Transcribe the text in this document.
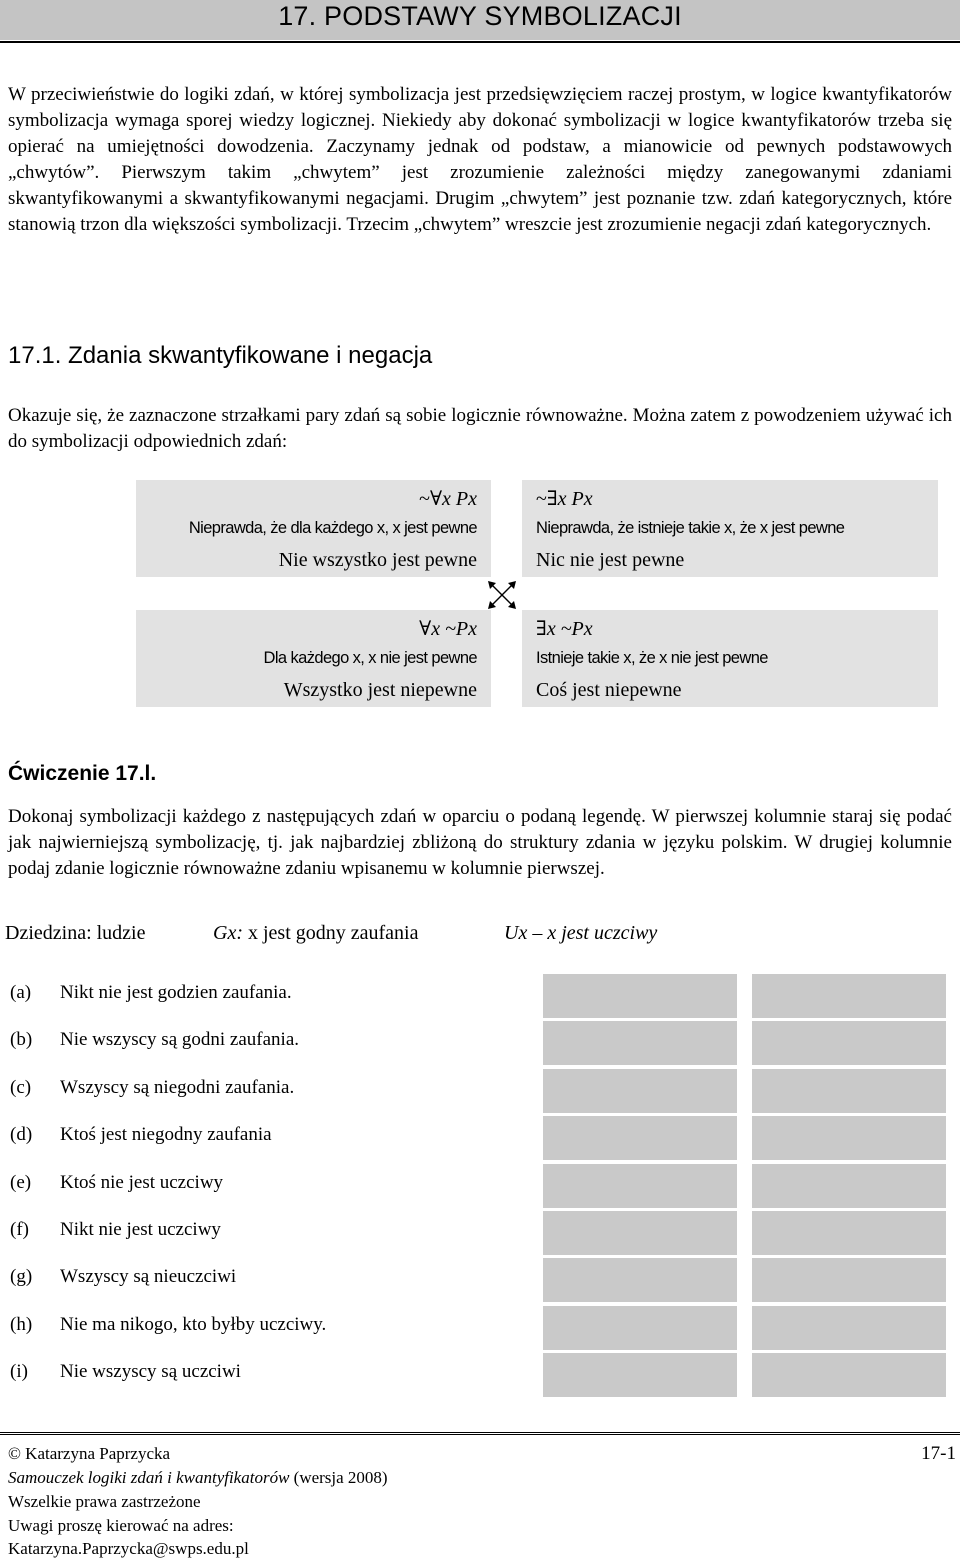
17. PODSTAWY SYMBOLIZACJI

W przeciwieństwie do logiki zdań, w której symbolizacja jest przedsięwzięciem raczej prostym, w logice kwantyfikatorów symbolizacja wymaga sporej wiedzy logicznej. Niekiedy aby dokonać symbolizacji w logice kwantyfikatorów trzeba się opierać na umiejętności dowodzenia. Zaczynamy jednak od podstaw, a mianowicie od pewnych podstawowych „chwytów”. Pierwszym takim „chwytem” jest zrozumienie zależności między zanegowanymi zdaniami skwantyfikowanymi a skwantyfikowanymi negacjami. Drugim „chwytem” jest poznanie tzw. zdań kategorycznych, które stanowią trzon dla większości symbolizacji. Trzecim „chwytem” wreszcie jest zrozumienie negacji zdań kategorycznych.

17.1. Zdania skwantyfikowane i negacja

Okazuje się, że zaznaczone strzałkami pary zdań są sobie logicznie równoważne. Można zatem z powodzeniem używać ich do symbolizacji odpowiednich zdań:

~∀x Px
Nieprawda, że dla każdego x, x jest pewne
Nie wszystko jest pewne
~∃x Px
Nieprawda, że istnieje takie x, że x jest pewne
Nic nie jest pewne
∀x ~Px
Dla każdego x, x nie jest pewne
Wszystko jest niepewne
∃x ~Px
Istnieje takie x, że x nie jest pewne
Coś jest niepewne
Ćwiczenie 17.l.

Dokonaj symbolizacji każdego z następujących zdań w oparciu o podaną legendę. W pierwszej kolumnie staraj się podać jak najwierniejszą symbolizację, tj. jak najbardziej zbliżoną do struktury zdania w języku polskim. W drugiej kolumnie podaj zdanie logicznie równoważne zdaniu wpisanemu w kolumnie pierwszej.

Dziedzina: ludzie	Gx: x jest godny zaufania	Ux – x jest uczciwy
(a) Nikt nie jest godzien zaufania.
(b) Nie wszyscy są godni zaufania.
(c) Wszyscy są niegodni zaufania.
(d) Ktoś jest niegodny zaufania
(e) Ktoś nie jest uczciwy
(f) Nikt nie jest uczciwy
(g) Wszyscy są nieuczciwi
(h) Nie ma nikogo, kto byłby uczciwy.
(i) Nie wszyscy są uczciwi
© Katarzyna Paprzycka	17-1
Samouczek logiki zdań i kwantyfikatorów (wersja 2008)
Wszelkie prawa zastrzeżone
Uwagi proszę kierować na adres:
Katarzyna.Paprzycka@swps.edu.pl
